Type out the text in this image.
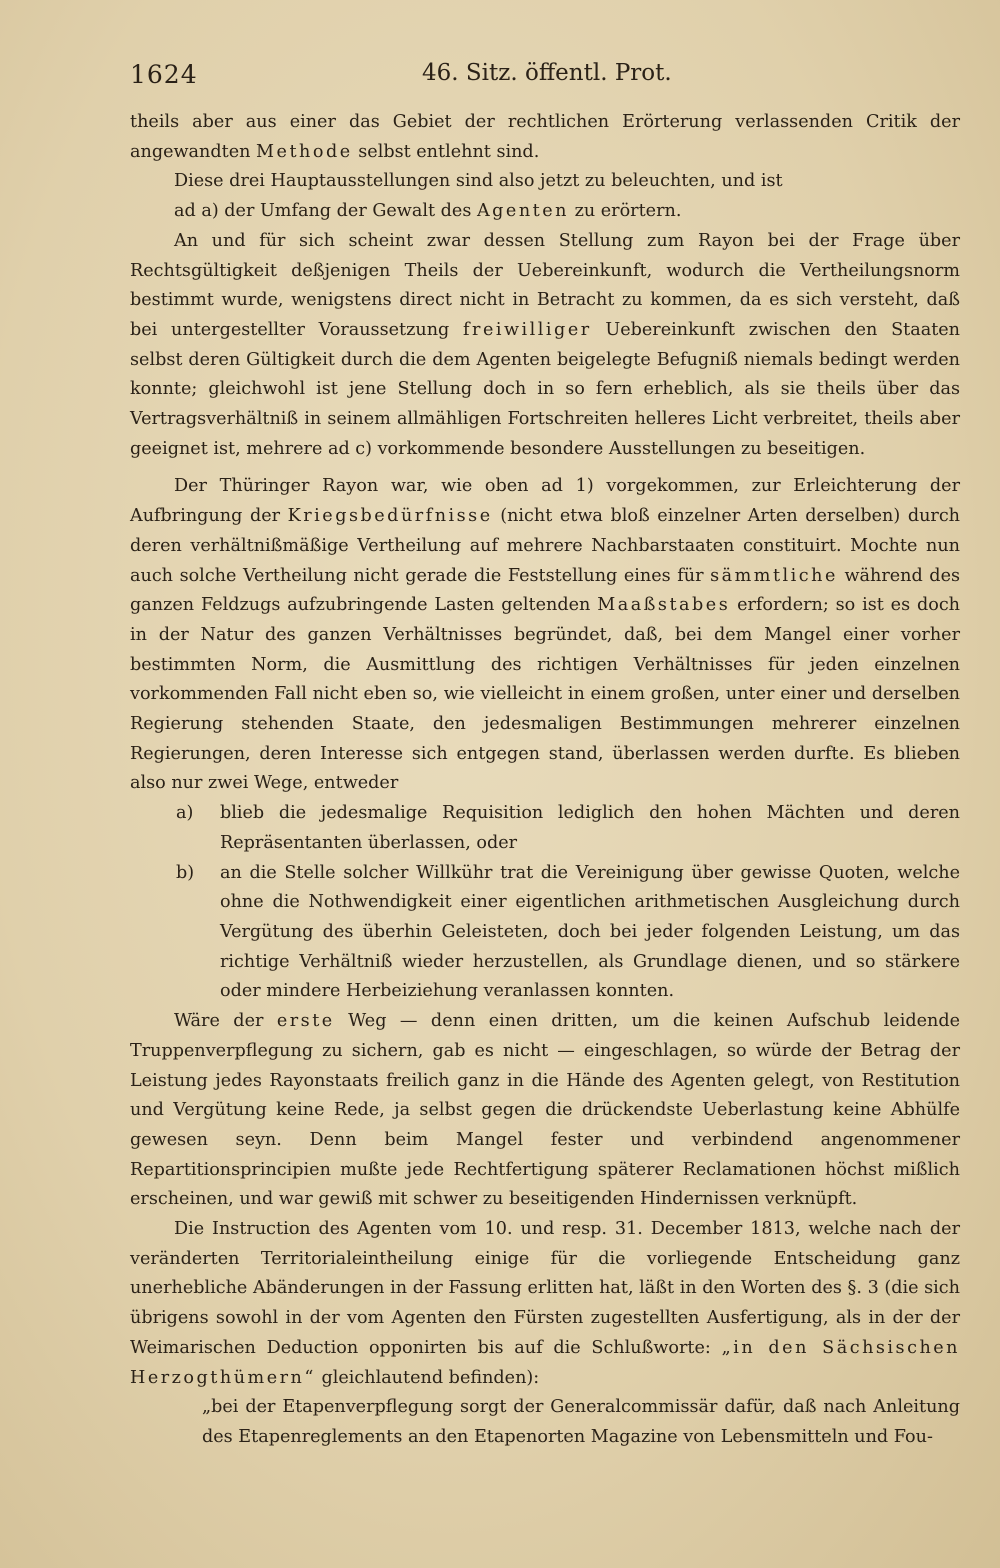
1624	46. Sitz. öffentl. Prot.

theils aber aus einer das Gebiet der rechtlichen Erörterung verlassenden Critik der angewandten Methode selbst entlehnt sind.

Diese drei Hauptausstellungen sind also jetzt zu beleuchten, und ist

ad a) der Umfang der Gewalt des Agenten zu erörtern.

An und für sich scheint zwar dessen Stellung zum Rayon bei der Frage über Rechtsgültigkeit deßjenigen Theils der Uebereinkunft, wodurch die Vertheilungsnorm bestimmt wurde, wenigstens direct nicht in Betracht zu kommen, da es sich versteht, daß bei untergestellter Voraussetzung freiwilliger Uebereinkunft zwischen den Staaten selbst deren Gültigkeit durch die dem Agenten beigelegte Befugniß niemals bedingt werden konnte; gleichwohl ist jene Stellung doch in so fern erheblich, als sie theils über das Vertragsverhältniß in seinem allmähligen Fortschreiten helleres Licht verbreitet, theils aber geeignet ist, mehrere ad c) vorkommende besondere Ausstellungen zu beseitigen.

Der Thüringer Rayon war, wie oben ad 1) vorgekommen, zur Erleichterung der Aufbringung der Kriegsbedürfnisse (nicht etwa bloß einzelner Arten derselben) durch deren verhältnißmäßige Vertheilung auf mehrere Nachbarstaaten constituirt. Mochte nun auch solche Vertheilung nicht gerade die Feststellung eines für sämmtliche während des ganzen Feldzugs aufzubringende Lasten geltenden Maaßstabes erfordern; so ist es doch in der Natur des ganzen Verhältnisses begründet, daß, bei dem Mangel einer vorher bestimmten Norm, die Ausmittlung des richtigen Verhältnisses für jeden einzelnen vorkommenden Fall nicht eben so, wie vielleicht in einem großen, unter einer und derselben Regierung stehenden Staate, den jedesmaligen Bestimmungen mehrerer einzelnen Regierungen, deren Interesse sich entgegen stand, überlassen werden durfte. Es blieben also nur zwei Wege, entweder

a) blieb die jedesmalige Requisition lediglich den hohen Mächten und deren Repräsentanten überlassen, oder

b) an die Stelle solcher Willkühr trat die Vereinigung über gewisse Quoten, welche ohne die Nothwendigkeit einer eigentlichen arithmetischen Ausgleichung durch Vergütung des überhin Geleisteten, doch bei jeder folgenden Leistung, um das richtige Verhältniß wieder herzustellen, als Grundlage dienen, und so stärkere oder mindere Herbeiziehung veranlassen konnten.

Wäre der erste Weg — denn einen dritten, um die keinen Aufschub leidende Truppenverpflegung zu sichern, gab es nicht — eingeschlagen, so würde der Betrag der Leistung jedes Rayonstaats freilich ganz in die Hände des Agenten gelegt, von Restitution und Vergütung keine Rede, ja selbst gegen die drückendste Ueberlastung keine Abhülfe gewesen seyn. Denn beim Mangel fester und verbindend angenommener Repartitionsprincipien mußte jede Rechtfertigung späterer Reclamationen höchst mißlich erscheinen, und war gewiß mit schwer zu beseitigenden Hindernissen verknüpft.

Die Instruction des Agenten vom 10. und resp. 31. December 1813, welche nach der veränderten Territorialeintheilung einige für die vorliegende Entscheidung ganz unerhebliche Abänderungen in der Fassung erlitten hat, läßt in den Worten des §. 3 (die sich übrigens sowohl in der vom Agenten den Fürsten zugestellten Ausfertigung, als in der der Weimarischen Deduction opponirten bis auf die Schlußworte: „in den Sächsischen Herzogthümern“ gleichlautend befinden):

„bei der Etapenverpflegung sorgt der Generalcommissär dafür, daß nach Anleitung des Etapenreglements an den Etapenorten Magazine von Lebensmitteln und Fou-
